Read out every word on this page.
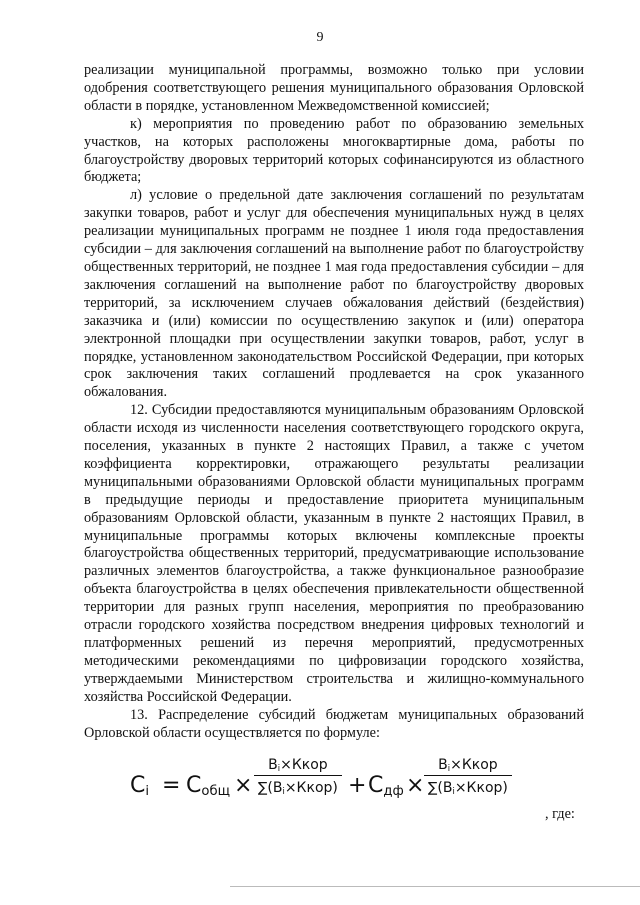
9

реализации муниципальной программы, возможно только при условии одобрения соответствующего решения муниципального образования Орловской области в порядке, установленном Межведомственной комиссией;

к) мероприятия по проведению работ по образованию земельных участков, на которых расположены многоквартирные дома, работы по благоустройству дворовых территорий которых софинансируются из областного бюджета;

л) условие о предельной дате заключения соглашений по результатам закупки товаров, работ и услуг для обеспечения муниципальных нужд в целях реализации муниципальных программ не позднее 1 июля года предоставления субсидии – для заключения соглашений на выполнение работ по благоустройству общественных территорий, не позднее 1 мая года предоставления субсидии – для заключения соглашений на выполнение работ по благоустройству дворовых территорий, за исключением случаев обжалования действий (бездействия) заказчика и (или) комиссии по осуществлению закупок и (или) оператора электронной площадки при осуществлении закупки товаров, работ, услуг в порядке, установленном законодательством Российской Федерации, при которых срок заключения таких соглашений продлевается на срок указанного обжалования.

12. Субсидии предоставляются муниципальным образованиям Орловской области исходя из численности населения соответствующего городского округа, поселения, указанных в пункте 2 настоящих Правил, а также с учетом коэффициента корректировки, отражающего результаты реализации муниципальными образованиями Орловской области муниципальных программ в предыдущие периоды и предоставление приоритета муниципальным образованиям Орловской области, указанным в пункте 2 настоящих Правил, в муниципальные программы которых включены комплексные проекты благоустройства общественных территорий, предусматривающие использование различных элементов благоустройства, а также функциональное разнообразие объекта благоустройства в целях обеспечения привлекательности общественной территории для разных групп населения, мероприятия по преобразованию отрасли городского хозяйства посредством внедрения цифровых технологий и платформенных решений из перечня мероприятий, предусмотренных методическими рекомендациями по цифровизации городского хозяйства, утверждаемыми Министерством строительства и жилищно-коммунального хозяйства Российской Федерации.

13. Распределение субсидий бюджетам муниципальных образований Орловской области осуществляется по формуле:

Ci = Cобщ ×
Bi×Ккор
∑(Bi×Ккор) + Cдф ×
Bi×Ккор
∑(Bi×Ккор)
, где:
